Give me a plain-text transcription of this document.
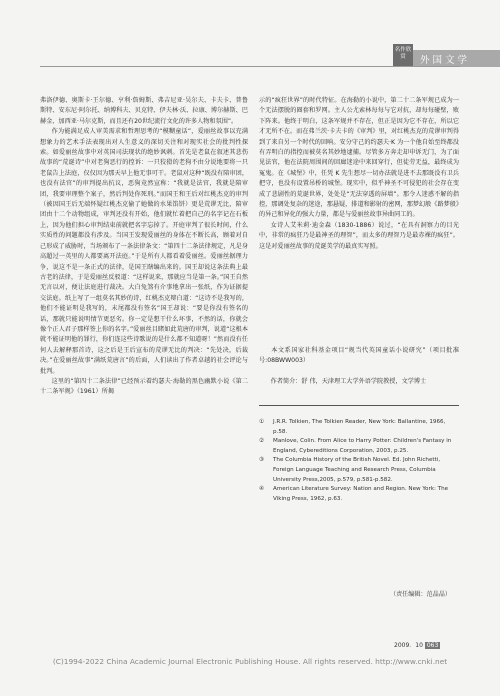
名作欣赏	外国文学

弗洛伊德、奥斯卡·王尔德、亨利·詹姆斯、弗吉尼亚·吴尔夫、卡夫卡、普鲁斯特、安东尼·阿尔托、纳博科夫、贝克特、伊夫林·沃、拉康、博尔赫斯、巴赫金、加西亚·马尔克斯，而且还有20世纪流行文化的许多人物和氛围”。

作为能满足成人审美需求和哲理思考的“模糊童话”，爱丽丝故事以充满想象力的艺术手法表现出对人生意义的深切关注和对现实社会的批判性探索。如爱丽丝故事中对英国司法现状的绝妙讽刺。首先是老鼠在叙述其悲伤故事的“荒诞诗”中对老狗恶行的控诉：一只狡猾的老狗不由分说地要将一只老鼠告上法庭，仅仅因为那天早上他无事可干。老鼠对这种“既没有陪审团，也没有法官”的审判提出抗议，恶狗竟然宣称：“我就是法官，我就是陪审团，我要审理整个案子，然后判处你死刑。”而国王和王后对红桃杰克的审判（被因国王后无端怀疑红桃杰克偷了她做的水果馅饼）更是荒谬无比，陪审团由十二个动物组成，审判还没有开始，他们就忙着把自己的名字记在石板上，因为他们担心审判结束前就把名字忘掉了。开庭审判了很长时间，什么实质性的问题都没有涉及。当国王发现爱丽丝的身体在不断长高，顾着对自己形成了威胁时，当场颁布了一条法律条文：“第四十二条法律规定，凡是身高超过一英里的人都要离开法庭。”于是所有人都看着爱丽丝。爱丽丝据理力争，说这不是一条正式的法律，是国王瞎编出来的。国王却说这条法典上最古老的法律，于是爱丽丝反驳道：“这样说来，那就应当是第一条。”国王自然无言以对，便让法庭进行裁决。大白兔煞有介事地拿出一张纸，作为证据提交法庭。纸上写了一组莫名其妙的诗，红桃杰克辩白道：“这诗不是我写的，他们不能证明是我写的，末尾都没有签名”国王却说：“要是你没有签名的话，那就只能说明情节更恶劣。你一定是想干什么坏事，不然的话，你就会像个正人君子那样签上你的名字。”爱丽丝目睹如此荒唐的审判，说道“这根本就不能证明他的罪行，你们连这些诗歌说的是什么都不知道呀！”然而没有任何人去解释那首诗，这之后是王后宣布的荒谬无比的判决：“先处决，后裁决。”在爱丽丝故事“满纸荒唐言”的后面，人们读出了作者卓越的社会评论与批判。

这里的“第四十二条法律”已经预示着约瑟夫·海勒的黑色幽默小说《第二十二条军规》（1961）所揭

示的“疯狂世界”的时代特征。在海勒的小说中，第二十二条军规已成为一个无法摆脱的圈套和罗网。主人公尤索林每每与它对抗，却每每碰壁，败下阵来。他终于明白，这条军规并不存在，但正是因为它不存在，所以它才无所不在。而在弗兰茨·卡夫卡的《审判》里，对红桃杰克的荒谬审判得到了来自另一个时代的回响。安分守己的约瑟夫·K 为一个他自始至终都没有弄明白的指控而被莫名其妙地逮捕。尽管多方奔走却申诉无门，为了面见法官，他在法院周围间的回廊迷途中来回穿行，但徒劳无益，最终成为冤鬼。在《城堡》中，任凭 K 先生想尽一切办法就是进不去那既没有卫兵把守，也没有设置吊桥的城堡。现实中，似乎神圣不可侵犯的社会存在变成了悲剧性的荒诞世界，处处是“无法穿透的屏墙”。那令人迷惑不解的指控，那调处复杂的迷途，那悬疑，排道和影射的密网，那梦幻般《路梦般》的异己和异化的强大力量，都是与爱丽丝故事异曲同工的。

女诗人艾米莉·迪金森（1830-1886）说过，“在具有洞察力的目光中，非常的疯狂乃是最神圣的理智”，而太多的理智乃是最赤裸的疯狂”。这是对爱丽丝故事的荒诞美学的最真实写照。

本文系国家社科基金项目“规当代英国童话小说研究”（项目批准号:08BWW003）
作者简介：舒 伟，天津理工大学外语学院教授，文学博士
①	J.R.R. Tolkien, The Tolkien Reader, New York: Ballantine, 1966, p.58.
②	Manlove, Colin. From Alice to Harry Potter: Children's Fantasy in England, Cybereditions Corporation, 2003, p.25.
③	The Columbia History of the British Novel. Ed. John Richetti, Foreign Language Teaching and Research Press, Columbia University Press,2005, p.579, p.581-p.582.
④	American Literature Survey: Nation and Region. New York: The Viking Press, 1962, p.63.
（责任编辑：范晶晶）
2009．10 063
(C)1994-2022 China Academic Journal Electronic Publishing House. All rights reserved. http://www.cnki.net
